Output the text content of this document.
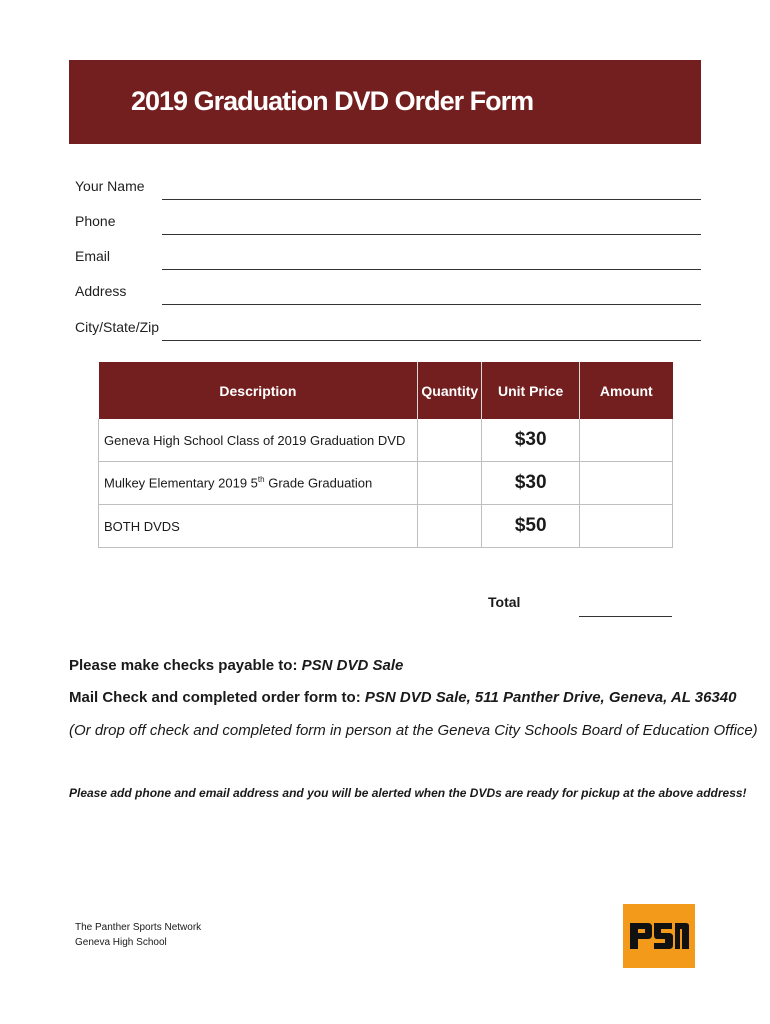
2019 Graduation DVD Order Form
Your Name
Phone
Email
Address
City/State/Zip
Description	Quantity	Unit Price	Amount
Geneva High School Class of 2019 Graduation DVD		$30	
Mulkey Elementary 2019 5th Grade Graduation		$30	
BOTH DVDS		$50	
Total
Please make checks payable to: PSN DVD Sale
Mail Check and completed order form to: PSN DVD Sale, 511 Panther Drive, Geneva, AL 36340
(Or drop off check and completed form in person at the Geneva City Schools Board of Education Office)
Please add phone and email address and you will be alerted when the DVDs are ready for pickup at the above address!
The Panther Sports Network
Geneva High School
